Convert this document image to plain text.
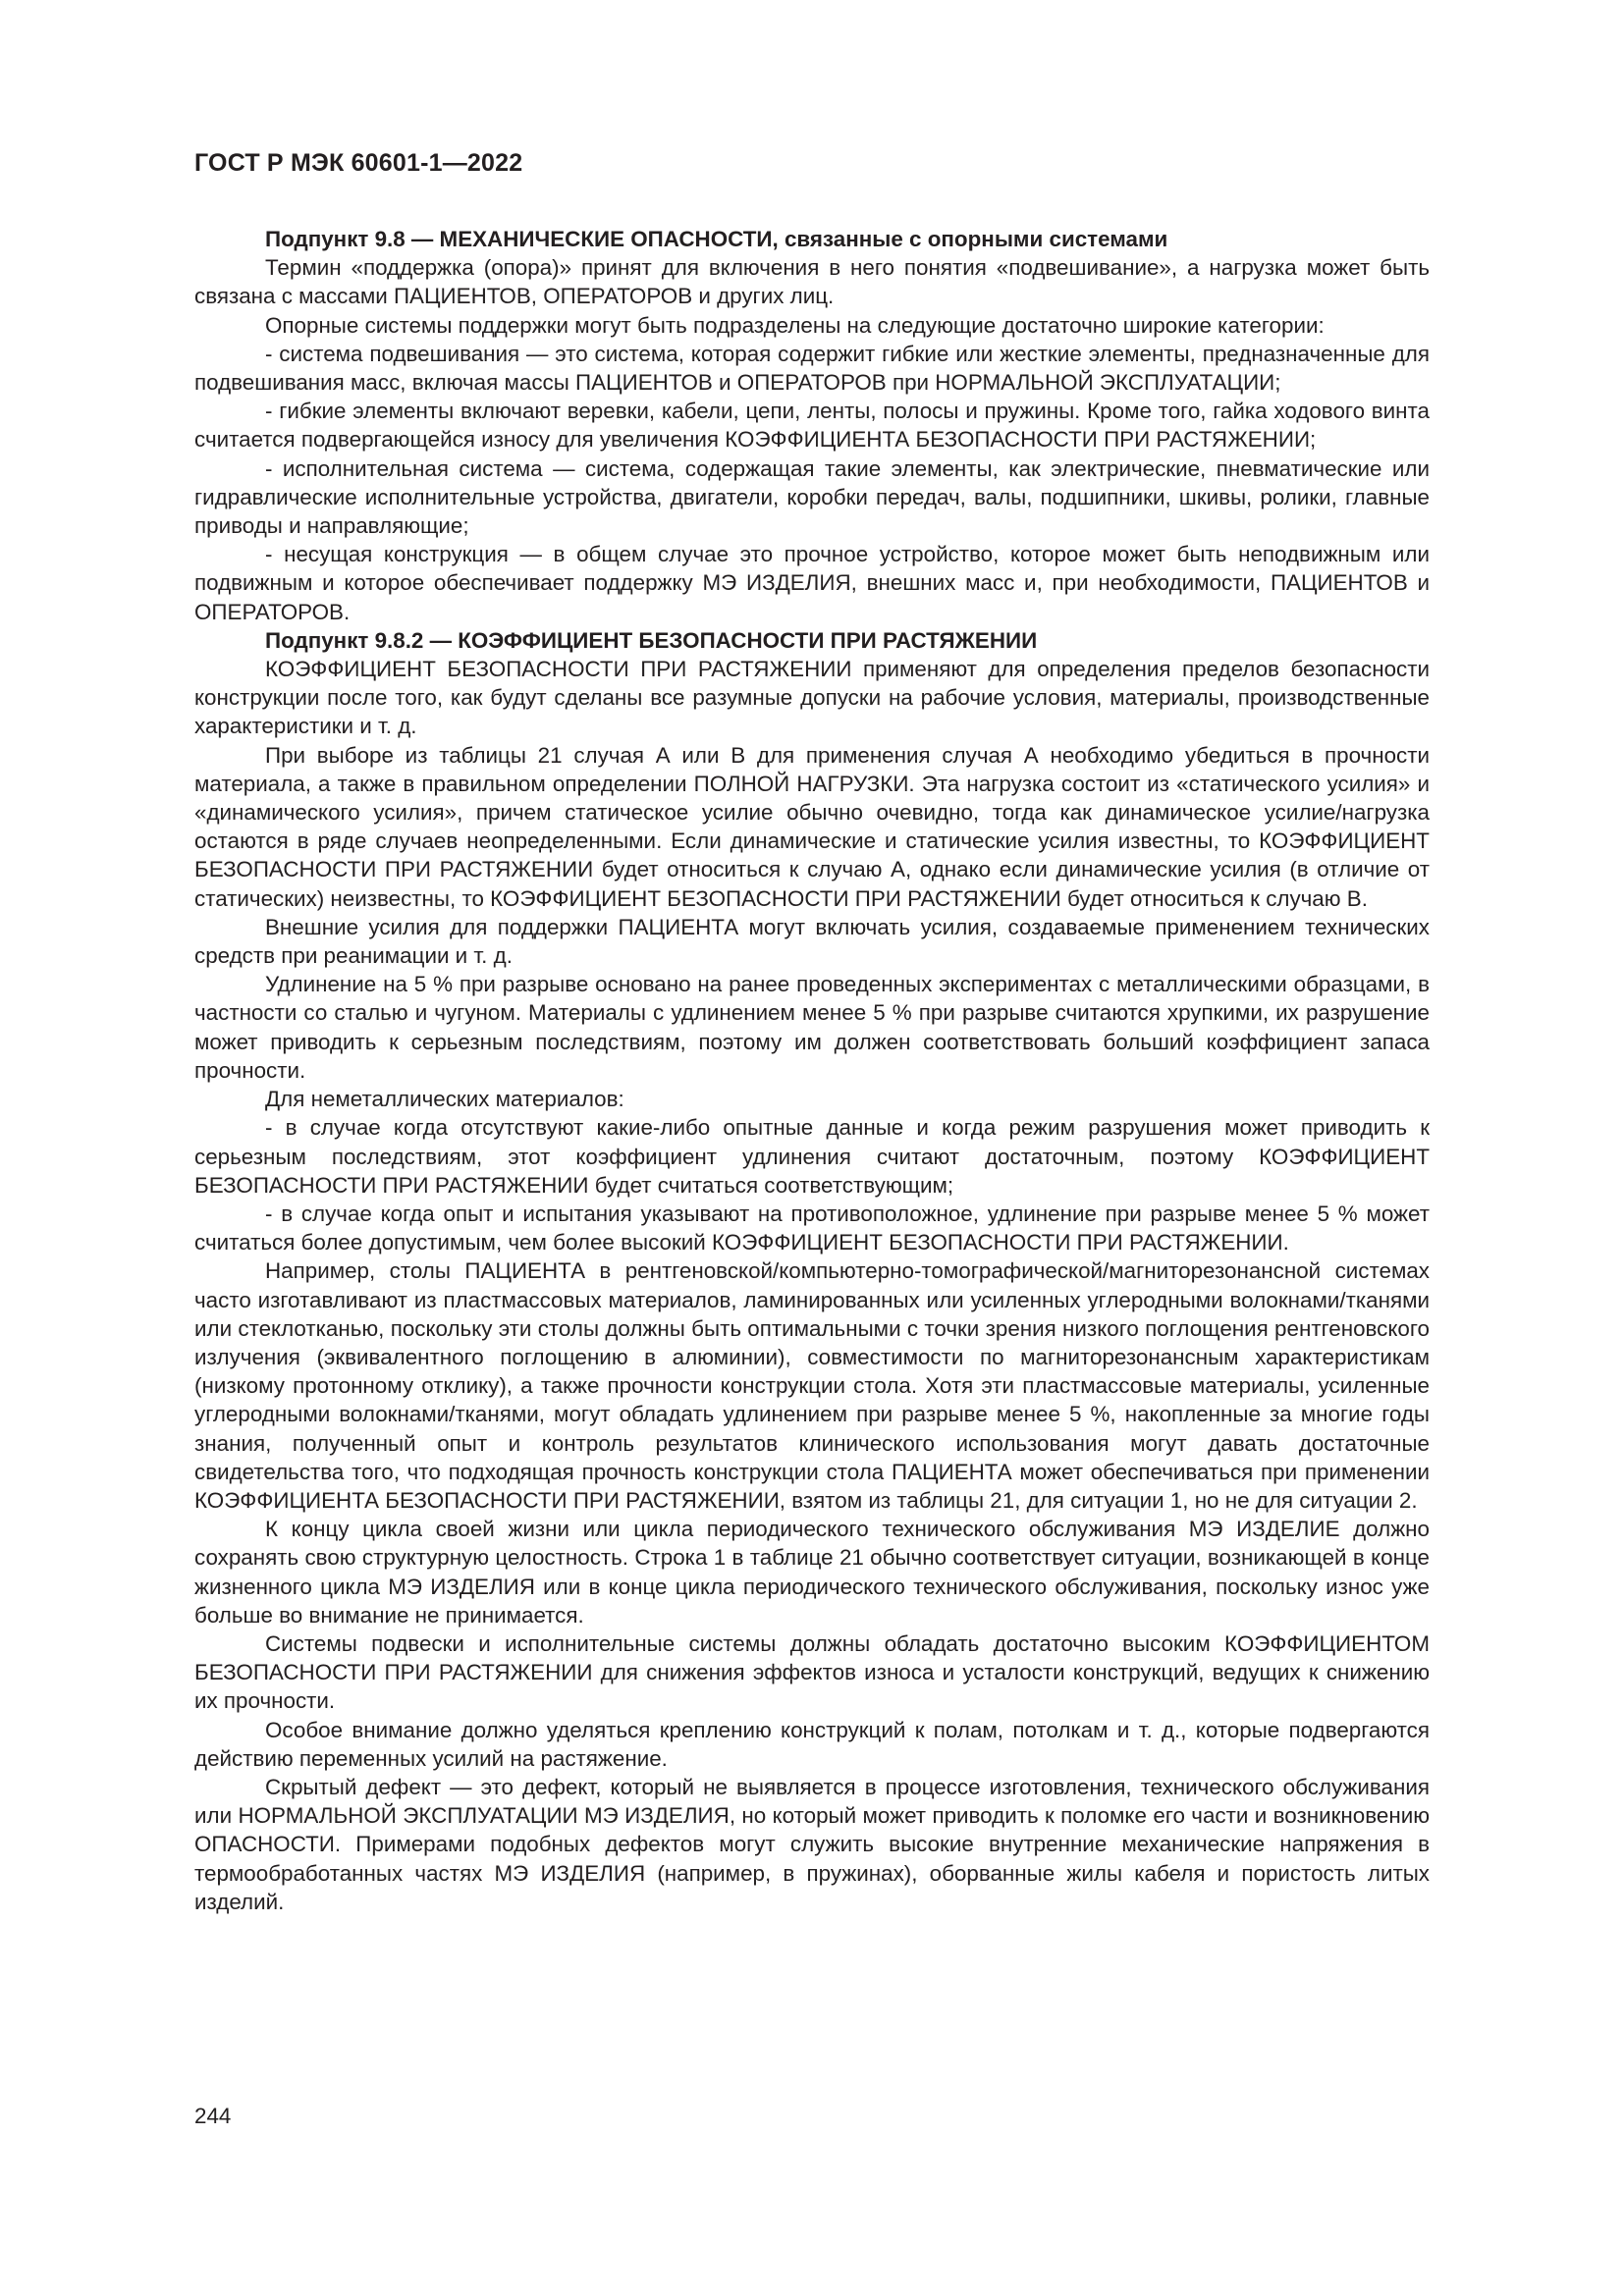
ГОСТ Р МЭК 60601-1—2022

Подпункт 9.8 — МЕХАНИЧЕСКИЕ ОПАСНОСТИ, связанные с опорными системами

Термин «поддержка (опора)» принят для включения в него понятия «подвешивание», а нагрузка может быть связана с массами ПАЦИЕНТОВ, ОПЕРАТОРОВ и других лиц.

Опорные системы поддержки могут быть подразделены на следующие достаточно широкие категории:

- система подвешивания — это система, которая содержит гибкие или жесткие элементы, предназначенные для подвешивания масс, включая массы ПАЦИЕНТОВ и ОПЕРАТОРОВ при НОРМАЛЬНОЙ ЭКСПЛУАТАЦИИ;

- гибкие элементы включают веревки, кабели, цепи, ленты, полосы и пружины. Кроме того, гайка ходового винта считается подвергающейся износу для увеличения КОЭФФИЦИЕНТА БЕЗОПАСНОСТИ ПРИ РАСТЯЖЕНИИ;

- исполнительная система — система, содержащая такие элементы, как электрические, пневматические или гидравлические исполнительные устройства, двигатели, коробки передач, валы, подшипники, шкивы, ролики, главные приводы и направляющие;

- несущая конструкция — в общем случае это прочное устройство, которое может быть неподвижным или подвижным и которое обеспечивает поддержку МЭ ИЗДЕЛИЯ, внешних масс и, при необходимости, ПАЦИЕНТОВ и ОПЕРАТОРОВ.

Подпункт 9.8.2 — КОЭФФИЦИЕНТ БЕЗОПАСНОСТИ ПРИ РАСТЯЖЕНИИ

КОЭФФИЦИЕНТ БЕЗОПАСНОСТИ ПРИ РАСТЯЖЕНИИ применяют для определения пределов безопасности конструкции после того, как будут сделаны все разумные допуски на рабочие условия, материалы, производственные характеристики и т. д.

При выборе из таблицы 21 случая А или В для применения случая А необходимо убедиться в прочности материала, а также в правильном определении ПОЛНОЙ НАГРУЗКИ. Эта нагрузка состоит из «статического усилия» и «динамического усилия», причем статическое усилие обычно очевидно, тогда как динамическое усилие/нагрузка остаются в ряде случаев неопределенными. Если динамические и статические усилия известны, то КОЭФФИЦИЕНТ БЕЗОПАСНОСТИ ПРИ РАСТЯЖЕНИИ будет относиться к случаю А, однако если динамические усилия (в отличие от статических) неизвестны, то КОЭФФИЦИЕНТ БЕЗОПАСНОСТИ ПРИ РАСТЯЖЕНИИ будет относиться к случаю В.

Внешние усилия для поддержки ПАЦИЕНТА могут включать усилия, создаваемые применением технических средств при реанимации и т. д.

Удлинение на 5 % при разрыве основано на ранее проведенных экспериментах с металлическими образцами, в частности со сталью и чугуном. Материалы с удлинением менее 5 % при разрыве считаются хрупкими, их разрушение может приводить к серьезным последствиям, поэтому им должен соответствовать больший коэффициент запаса прочности.

Для неметаллических материалов:

- в случае когда отсутствуют какие-либо опытные данные и когда режим разрушения может приводить к серьезным последствиям, этот коэффициент удлинения считают достаточным, поэтому КОЭФФИЦИЕНТ БЕЗОПАСНОСТИ ПРИ РАСТЯЖЕНИИ будет считаться соответствующим;

- в случае когда опыт и испытания указывают на противоположное, удлинение при разрыве менее 5 % может считаться более допустимым, чем более высокий КОЭФФИЦИЕНТ БЕЗОПАСНОСТИ ПРИ РАСТЯЖЕНИИ.

Например, столы ПАЦИЕНТА в рентгеновской/компьютерно-томографической/магниторезонансной системах часто изготавливают из пластмассовых материалов, ламинированных или усиленных углеродными волокнами/тканями или стеклотканью, поскольку эти столы должны быть оптимальными с точки зрения низкого поглощения рентгеновского излучения (эквивалентного поглощению в алюминии), совместимости по магниторезонансным характеристикам (низкому протонному отклику), а также прочности конструкции стола. Хотя эти пластмассовые материалы, усиленные углеродными волокнами/тканями, могут обладать удлинением при разрыве менее 5 %, накопленные за многие годы знания, полученный опыт и контроль результатов клинического использования могут давать достаточные свидетельства того, что подходящая прочность конструкции стола ПАЦИЕНТА может обеспечиваться при применении КОЭФФИЦИЕНТА БЕЗОПАСНОСТИ ПРИ РАСТЯЖЕНИИ, взятом из таблицы 21, для ситуации 1, но не для ситуации 2.

К концу цикла своей жизни или цикла периодического технического обслуживания МЭ ИЗДЕЛИЕ должно сохранять свою структурную целостность. Строка 1 в таблице 21 обычно соответствует ситуации, возникающей в конце жизненного цикла МЭ ИЗДЕЛИЯ или в конце цикла периодического технического обслуживания, поскольку износ уже больше во внимание не принимается.

Системы подвески и исполнительные системы должны обладать достаточно высоким КОЭФФИЦИЕНТОМ БЕЗОПАСНОСТИ ПРИ РАСТЯЖЕНИИ для снижения эффектов износа и усталости конструкций, ведущих к снижению их прочности.

Особое внимание должно уделяться креплению конструкций к полам, потолкам и т. д., которые подвергаются действию переменных усилий на растяжение.

Скрытый дефект — это дефект, который не выявляется в процессе изготовления, технического обслуживания или НОРМАЛЬНОЙ ЭКСПЛУАТАЦИИ МЭ ИЗДЕЛИЯ, но который может приводить к поломке его части и возникновению ОПАСНОСТИ. Примерами подобных дефектов могут служить высокие внутренние механические напряжения в термообработанных частях МЭ ИЗДЕЛИЯ (например, в пружинах), оборванные жилы кабеля и пористость литых изделий.

244
